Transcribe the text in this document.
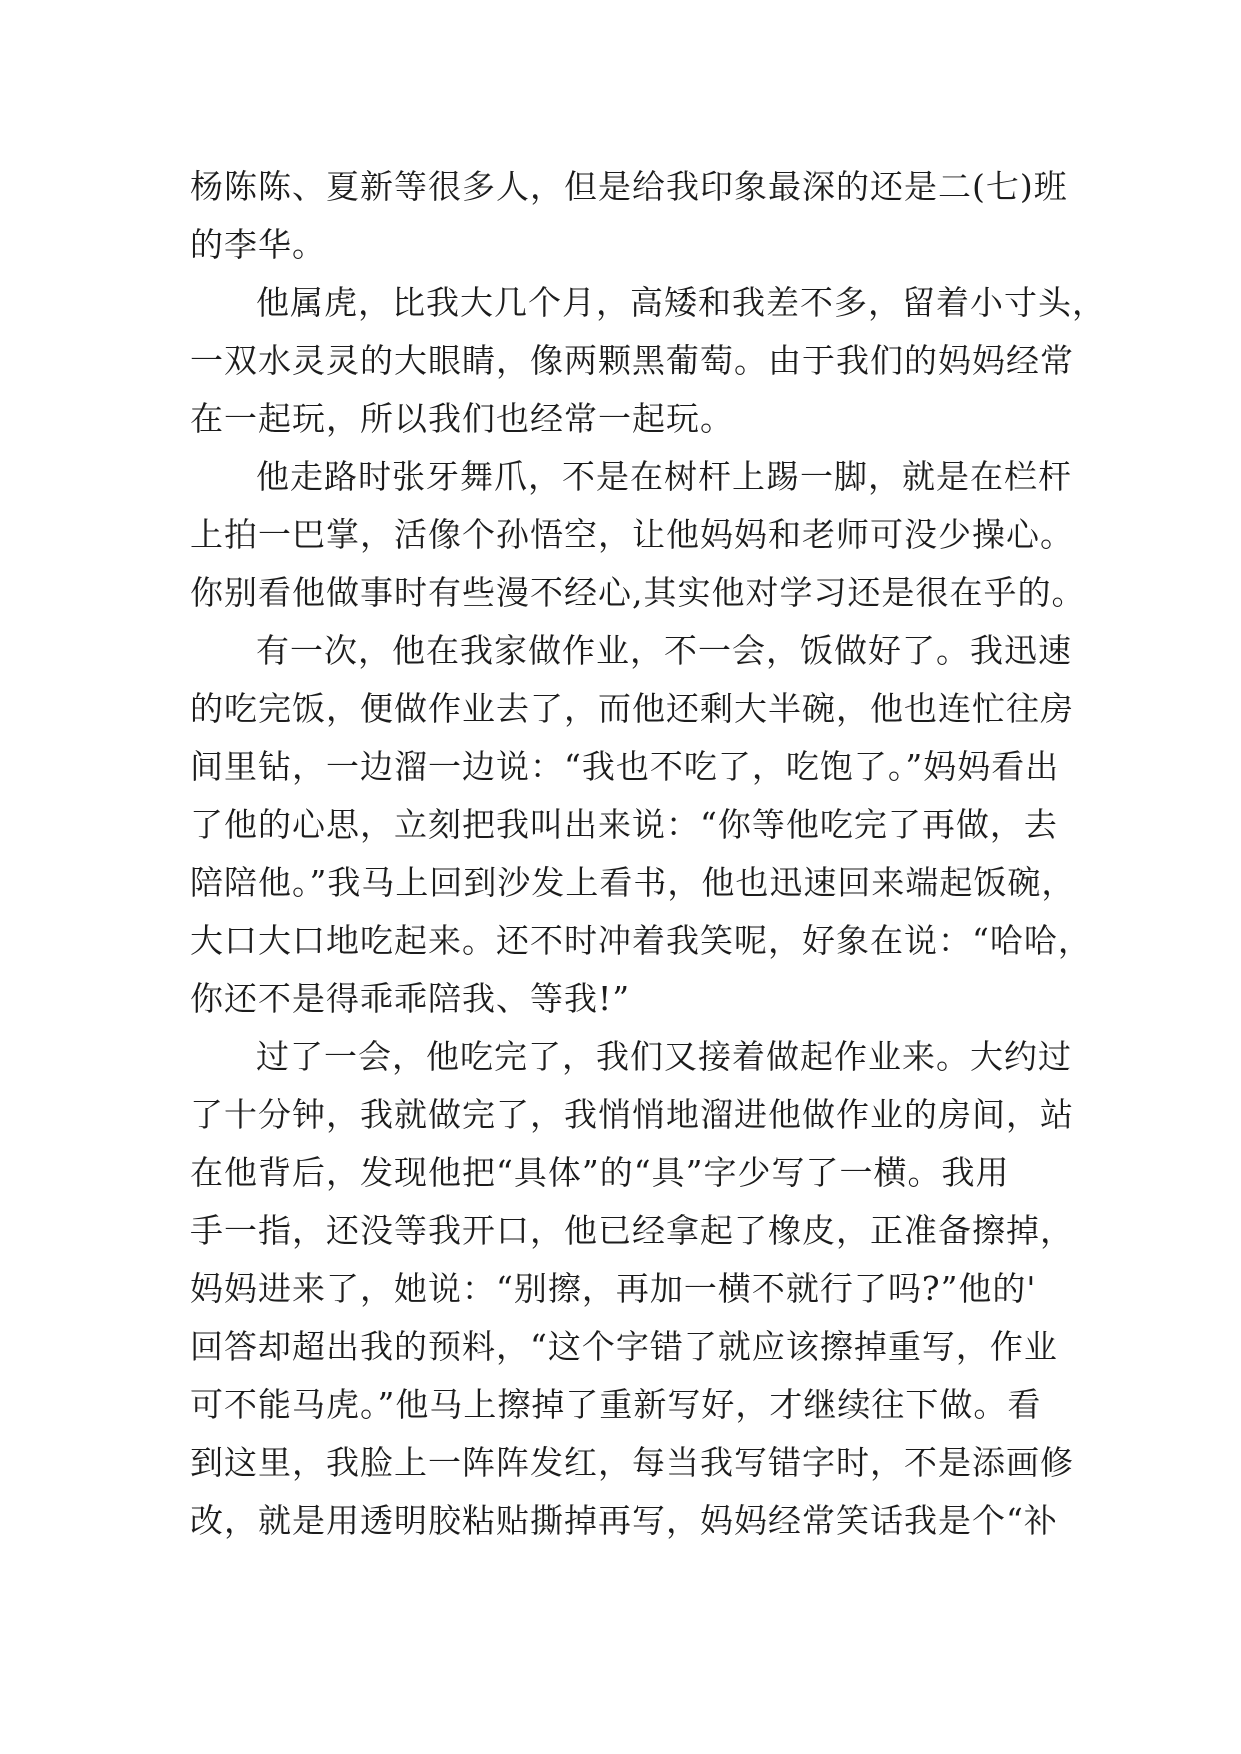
杨陈陈、夏新等很多人，但是给我印象最深的还是二(七)班
的李华。
他属虎，比我大几个月，高矮和我差不多，留着小寸头，
一双水灵灵的大眼睛，像两颗黑葡萄。由于我们的妈妈经常
在一起玩，所以我们也经常一起玩。
他走路时张牙舞爪，不是在树杆上踢一脚，就是在栏杆
上拍一巴掌，活像个孙悟空，让他妈妈和老师可没少操心。
你别看他做事时有些漫不经心,其实他对学习还是很在乎的。
有一次，他在我家做作业，不一会，饭做好了。我迅速
的吃完饭，便做作业去了，而他还剩大半碗，他也连忙往房
间里钻，一边溜一边说：“我也不吃了，吃饱了。”妈妈看出
了他的心思，立刻把我叫出来说：“你等他吃完了再做，去
陪陪他。”我马上回到沙发上看书，他也迅速回来端起饭碗，
大口大口地吃起来。还不时冲着我笑呢，好象在说：“哈哈，
你还不是得乖乖陪我、等我!”
过了一会，他吃完了，我们又接着做起作业来。大约过
了十分钟，我就做完了，我悄悄地溜进他做作业的房间，站
在他背后，发现他把“具体”的“具”字少写了一横。我用
手一指，还没等我开口，他已经拿起了橡皮，正准备擦掉，
妈妈进来了，她说：“别擦，再加一横不就行了吗?”他的'
回答却超出我的预料，“这个字错了就应该擦掉重写，作业
可不能马虎。”他马上擦掉了重新写好，才继续往下做。看
到这里，我脸上一阵阵发红，每当我写错字时，不是添画修
改，就是用透明胶粘贴撕掉再写，妈妈经常笑话我是个“补
